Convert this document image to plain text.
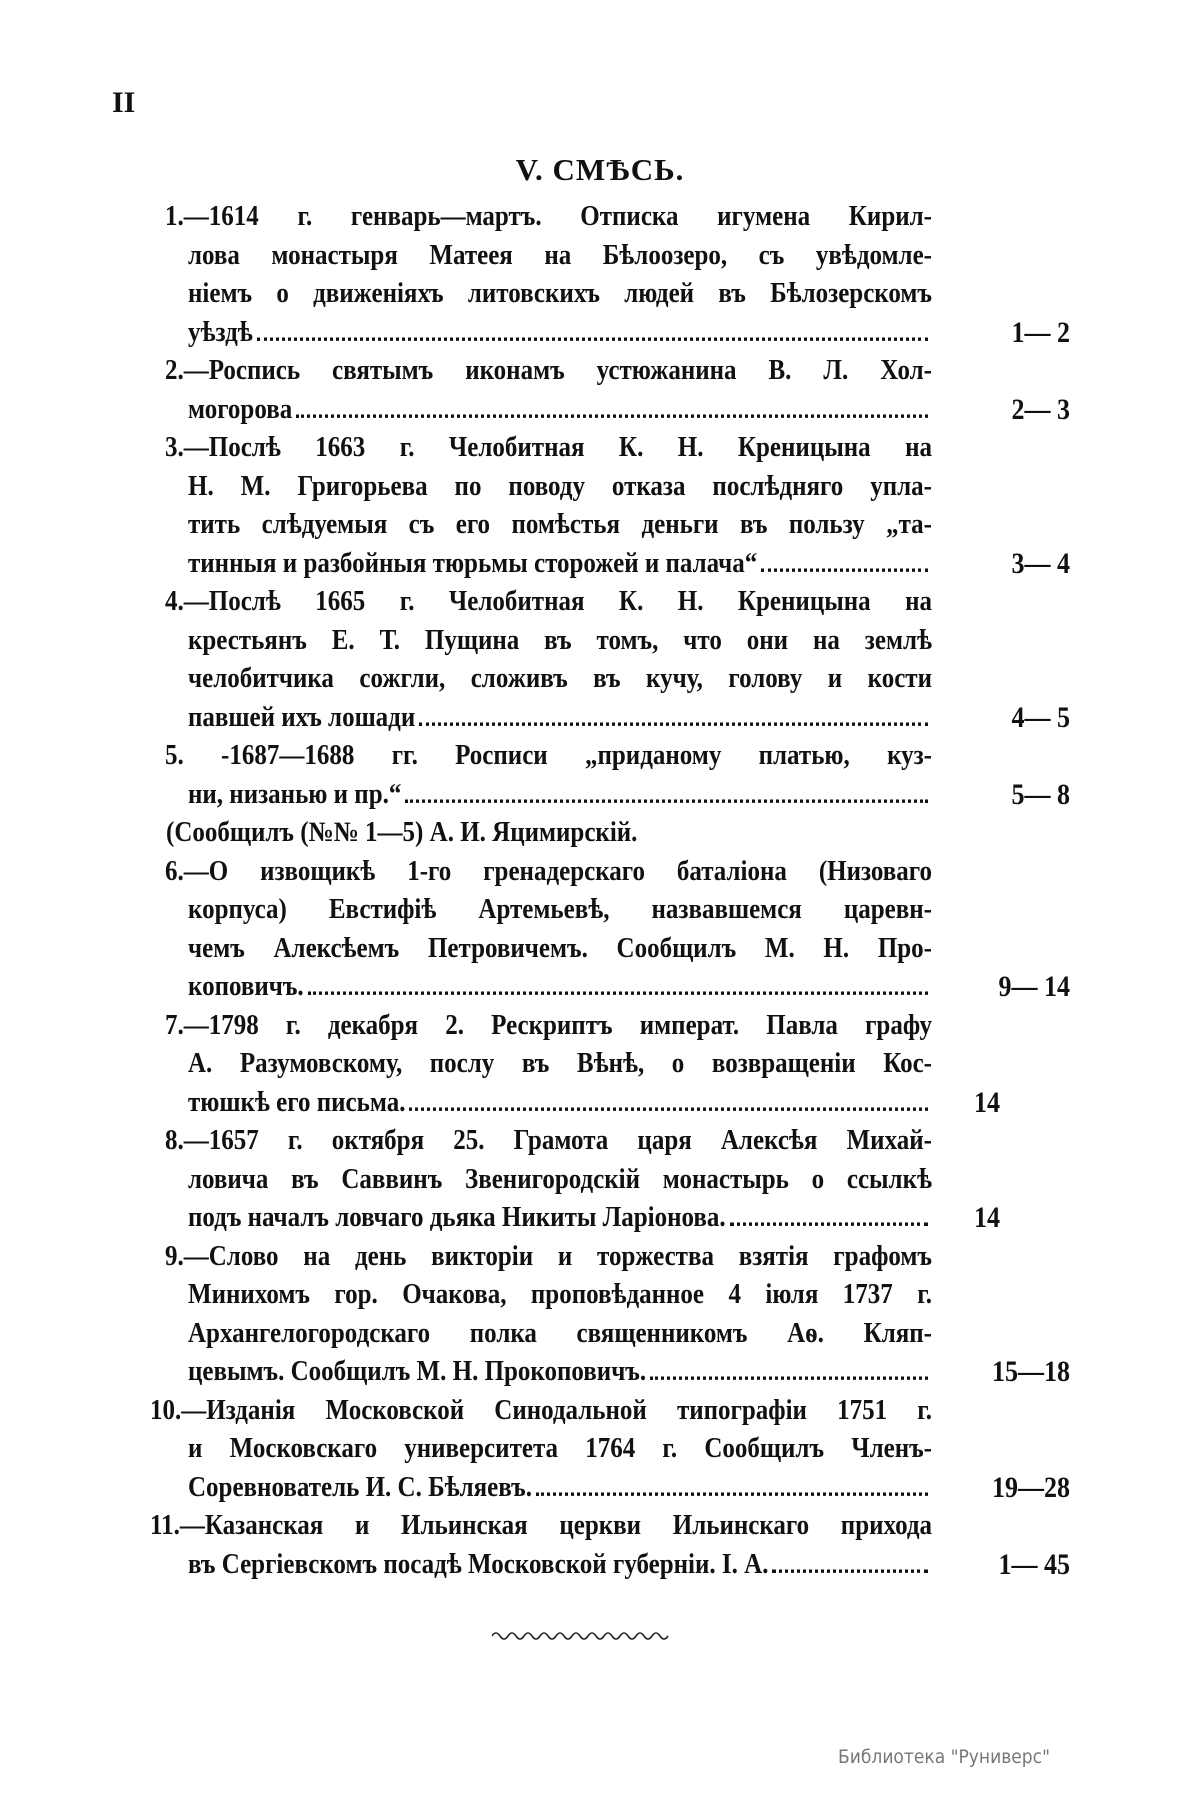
II
V. СМѢСЬ.
1.—1614 г. генварь—мартъ. Отписка игумена Кирил-
лова монастыря Матеея на Бѣлоозеро, съ увѣдомле-
ніемъ о движеніяхъ литовскихъ людей въ Бѣлозерскомъ
1— 2
уѣздѣ
2.—Роспись святымъ иконамъ устюжанина В. Л. Хол-
2— 3
могорова
3.—Послѣ 1663 г. Челобитная К. Н. Креницына на
Н. М. Григорьева по поводу отказа послѣдняго упла-
тить слѣдуемыя съ его помѣстья деньги въ пользу „та-
3— 4
тинныя и разбойныя тюрьмы сторожей и палача“
4.—Послѣ 1665 г. Челобитная К. Н. Креницына на
крестьянъ Е. Т. Пущина въ томъ, что они на землѣ
челобитчика сожгли, сложивъ въ кучу, голову и кости
4— 5
павшей ихъ лошади
5. -1687—1688 гг. Росписи „приданому платью, куз-
5— 8
ни, низанью и пр.“
(Сообщилъ (№№ 1—5) А. И. Яцимирскій.
6.—О извощикѣ 1-го гренадерскаго баталіона (Низоваго
корпуса) Евстифіѣ Артемьевѣ, назвавшемся царевн-
чемъ Алексѣемъ Петровичемъ. Сообщилъ М. Н. Про-
9— 14
коповичъ.
7.—1798 г. декабря 2. Рескриптъ императ. Павла графу
А. Разумовскому, послу въ Вѣнѣ, о возвращеніи Кос-
14
тюшкѣ его письма.
8.—1657 г. октября 25. Грамота царя Алексѣя Михай-
ловича въ Саввинъ Звенигородскій монастырь о ссылкѣ
14
подъ началъ ловчаго дьяка Никиты Ларіонова.
9.—Слово на день викторіи и торжества взятія графомъ
Минихомъ гор. Очакова, проповѣданное 4 іюля 1737 г.
Архангелогородскаго полка священникомъ Аѳ. Кляп-
15—18
цевымъ. Сообщилъ М. Н. Прокоповичъ.
10.—Изданія Московской Синодальной типографіи 1751 г.
и Московскаго университета 1764 г. Сообщилъ Членъ-
19—28
Соревнователь И. С. Бѣляевъ.
11.—Казанская и Ильинская церкви Ильинскаго прихода
1— 45
въ Сергіевскомъ посадѣ Московской губерніи. І. А.
Библиотека "Руниверс"
